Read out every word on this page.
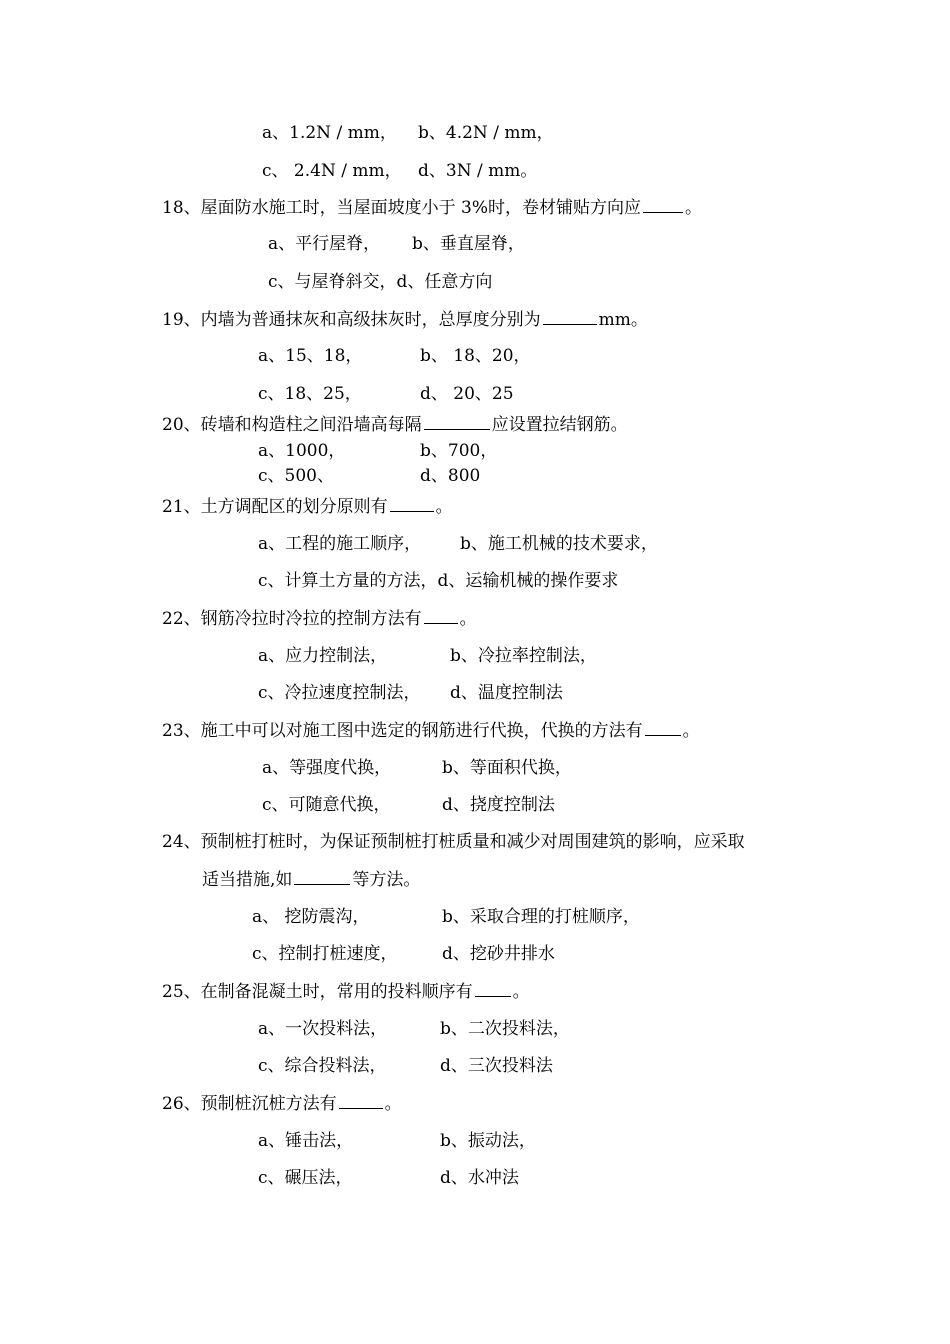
a、1.2N / mm， b、4.2N / mm，
c、 2.4N / mm， d、3N / mm。
18、屋面防水施工时，当屋面坡度小于 3%时，卷材铺贴方向应	。
a、平行屋脊， b、垂直屋脊，
c、与屋脊斜交，d、任意方向
19、内墙为普通抹灰和高级抹灰时，总厚度分别为	mm。
a、15、18，	b、 18、20，
c、18、25，	d、 20、25
20、砖墙和构造柱之间沿墙高每隔	应设置拉结钢筋。
a、1000，	b、700，
c、500、	d、800
21、土方调配区的划分原则有	。
a、工程的施工顺序， b、施工机械的技术要求，
c、计算土方量的方法，d、运输机械的操作要求
22、钢筋冷拉时冷拉的控制方法有 。
a、应力控制法，	b、冷拉率控制法，
c、冷拉速度控制法， d、温度控制法
23、施工中可以对施工图中选定的钢筋进行代换，代换的方法有 。
a、等强度代换，	b、等面积代换，
c、可随意代换，	d、挠度控制法
24、预制桩打桩时，为保证预制桩打桩质量和减少对周围建筑的影响，应采取
适当措施,如	等方法。
a、 挖防震沟，	b、采取合理的打桩顺序，
c、控制打桩速度，	d、挖砂井排水
25、在制备混凝土时，常用的投料顺序有 。
a、一次投料法，	b、二次投料法，
c、综合投料法，	d、三次投料法
26、预制桩沉桩方法有	。
a、锤击法，	b、振动法，
c、碾压法，	d、水冲法
